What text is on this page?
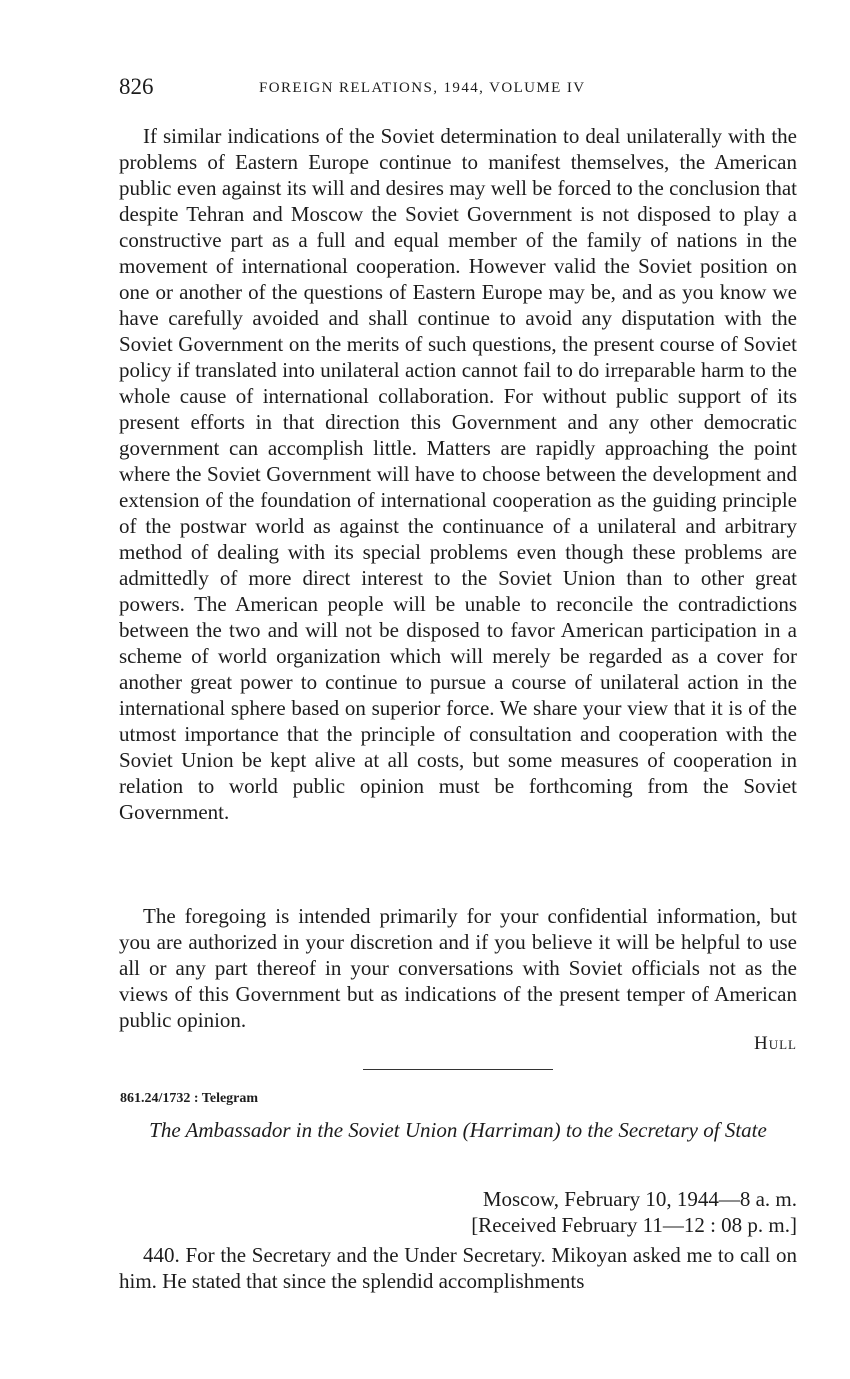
826	FOREIGN RELATIONS, 1944, VOLUME IV

If similar indications of the Soviet determination to deal unilaterally with the problems of Eastern Europe continue to manifest themselves, the American public even against its will and desires may well be forced to the conclusion that despite Tehran and Moscow the Soviet Government is not disposed to play a constructive part as a full and equal member of the family of nations in the movement of international cooperation. However valid the Soviet position on one or another of the questions of Eastern Europe may be, and as you know we have carefully avoided and shall continue to avoid any disputation with the Soviet Government on the merits of such questions, the present course of Soviet policy if translated into unilateral action cannot fail to do irreparable harm to the whole cause of international collaboration. For without public support of its present efforts in that direction this Government and any other democratic government can accomplish little. Matters are rapidly approaching the point where the Soviet Government will have to choose between the development and extension of the foundation of international cooperation as the guiding principle of the postwar world as against the continuance of a unilateral and arbitrary method of dealing with its special problems even though these problems are admittedly of more direct interest to the Soviet Union than to other great powers. The American people will be unable to reconcile the contradictions between the two and will not be disposed to favor American participation in a scheme of world organization which will merely be regarded as a cover for another great power to continue to pursue a course of unilateral action in the international sphere based on superior force. We share your view that it is of the utmost importance that the principle of consultation and cooperation with the Soviet Union be kept alive at all costs, but some measures of cooperation in relation to world public opinion must be forthcoming from the Soviet Government.

The foregoing is intended primarily for your confidential information, but you are authorized in your discretion and if you believe it will be helpful to use all or any part thereof in your conversations with Soviet officials not as the views of this Government but as indications of the present temper of American public opinion.

Hull
861.24/1732 : Telegram
The Ambassador in the Soviet Union (Harriman) to the Secretary of State
Moscow, February 10, 1944—8 a. m.
[Received February 11—12 : 08 p. m.]

440. For the Secretary and the Under Secretary. Mikoyan asked me to call on him. He stated that since the splendid accomplishments
